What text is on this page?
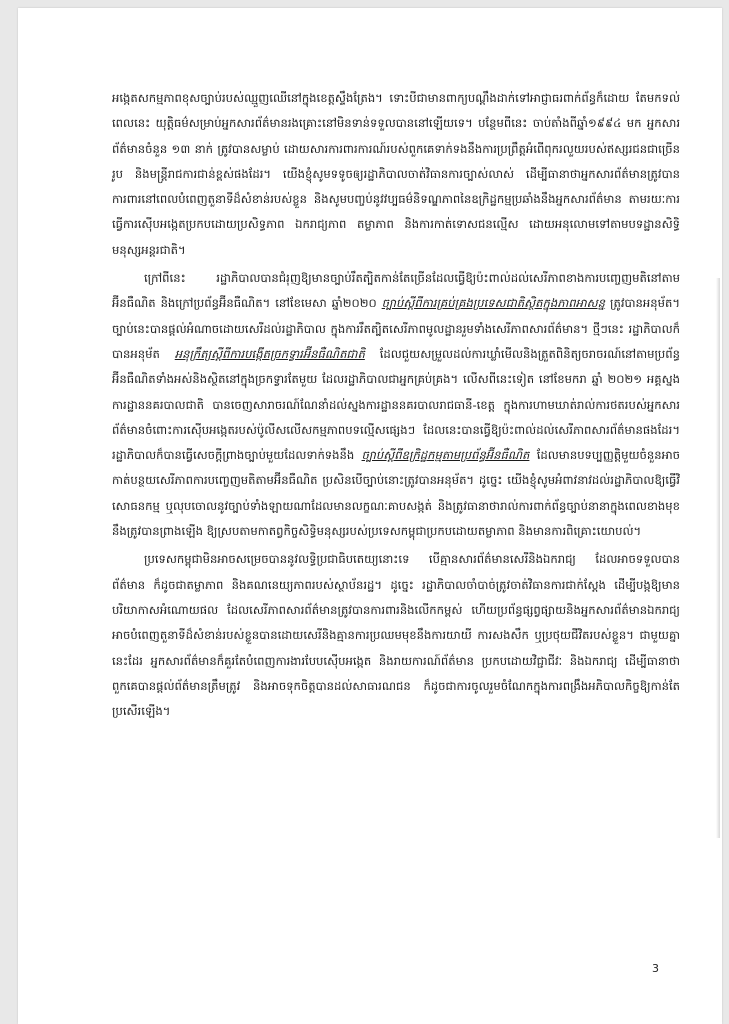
អង្កេតសកម្មភាពខុសច្បាប់របស់ឈ្មួញឈើនៅក្នុងខេត្តស្ទឹងត្រែង។ ទោះបីជាមានពាក្យបណ្ដឹងដាក់ទៅអាជ្ញាធរពាក់ព័ន្ធក៏ដោយ តែមកទល់ពេលនេះ យុត្តិធម៌សម្រាប់អ្នកសារព័ត៌មានរងគ្រោះនៅមិនទាន់ទទួលបាននៅឡើយទេ។ បន្ថែមពីនេះ ចាប់តាំងពីឆ្នាំ១៩៩៤ មក អ្នកសារព័ត៌មានចំនួន ១៣ នាក់ ត្រូវបានសម្លាប់ ដោយសារការពារការណ៍របស់ពួកគេទាក់ទងនឹងការប្រព្រឹត្តអំពើពុករលួយរបស់ឥស្សរជនជាច្រើនរូប និងមន្ត្រីរាជការជាន់ខ្ពស់ផងដែរ។ យើងខ្ញុំសូមទទូចឲ្យរដ្ឋាភិបាលចាត់វិធានការច្បាស់លាស់ ដើម្បីធានាថាអ្នកសារព័ត៌មានត្រូវបានការពារនៅពេលបំពេញតួនាទីដ៏សំខាន់របស់ខ្លួន និងសូមបញ្ចប់នូវវប្បធម៌និទណ្ឌភាពនៃឧក្រិដ្ឋកម្មប្រឆាំងនឹងអ្នកសារព័ត៌មាន តាមរយៈការធ្វើការស៊ើបអង្កេតប្រកបដោយប្រសិទ្ធភាព ឯករាជ្យភាព តម្លាភាព និងការកាត់ទោសជនល្មើស ដោយអនុលោមទៅតាមបទដ្ឋានសិទ្ធិមនុស្សអន្តរជាតិ។

ក្រៅពីនេះ រដ្ឋាភិបាលបានជំរុញឱ្យមានច្បាប់រឹតត្បិតកាន់តែច្រើនដែលធ្វើឱ្យប៉ះពាល់ដល់សេរីភាពខាងការបញ្ចេញមតិនៅតាមអ៊ីនធឺណិត និងក្រៅប្រព័ន្ធអ៊ីនធឺណិត។ នៅខែមេសា ឆ្នាំ២០២០ ច្បាប់ស្ដីពីការគ្រប់គ្រងប្រទេសជាតិស្ថិតក្នុងភាពអាសន្ន ត្រូវបានអនុម័ត។ ច្បាប់នេះបានផ្ដល់អំណាចដោយសេរីដល់រដ្ឋាភិបាល ក្នុងការរឹតត្បិតសេរីភាពមូលដ្ឋានរួមទាំងសេរីភាពសារព័ត៌មាន។ ថ្មីៗនេះ រដ្ឋាភិបាលក៏បានអនុម័ត អនុក្រឹត្យស្ដីពីការបង្កើតច្រកទ្វារអ៊ីនធឺណិតជាតិ ដែលជួយសម្រួលដល់ការឃ្លាំមើលនិងត្រួតពិនិត្យចរាចរណ៍នៅតាមប្រព័ន្ធអ៊ីនធឺណិតទាំងអស់និងស្ថិតនៅក្នុងច្រកទ្វារតែមួយ ដែលរដ្ឋាភិបាលជាអ្នកគ្រប់គ្រង។ លើសពីនេះទៀត នៅខែមករា ឆ្នាំ ២០២១ អគ្គស្នងការដ្ឋាននគរបាលជាតិ បានចេញសារាចរណ៍ណែនាំដល់ស្នងការដ្ឋាននគរបាលរាជធានី-ខេត្ត ក្នុងការហាមឃាត់រាល់ការថតរបស់អ្នកសារព័ត៌មានចំពោះការស៊ើបអង្កេតរបស់ប៉ូលីសលើសកម្មភាពបទល្មើសផ្សេងៗ ដែលនេះបានធ្វើឱ្យប៉ះពាល់ដល់សេរីភាពសារព័ត៌មានផងដែរ។ រដ្ឋាភិបាលក៏បានធ្វើសេចក្ដីព្រាងច្បាប់មួយដែលទាក់ទងនឹង ច្បាប់ស្ដីពីឧក្រិដ្ឋកម្មតាមប្រព័ន្ធអ៊ីនធឺណិត ដែលមានបទប្បញ្ញត្តិមួយចំនួនអាចកាត់បន្ថយសេរីភាពការបញ្ចេញមតិតាមអ៊ីនធឺណិត ប្រសិនបើច្បាប់នោះត្រូវបានអនុម័ត។ ដូច្នេះ យើងខ្ញុំសូមអំពាវនាវដល់រដ្ឋាភិបាលឱ្យធ្វើវិសោធនកម្ម ឬលុបចោលនូវច្បាប់ទាំងឡាយណាដែលមានលក្ខណៈគាបសង្កត់ និងត្រូវធានាថារាល់ការពាក់ព័ន្ធច្បាប់នានាក្នុងពេលខាងមុខនឹងត្រូវបានព្រាងឡើង ឱ្យស្របតាមកាតព្វកិច្ចសិទ្ធិមនុស្សរបស់ប្រទេសកម្ពុជាប្រកបដោយតម្លាភាព និងមានការពិគ្រោះយោបល់។

ប្រទេសកម្ពុជាមិនអាចសម្រេចបាននូវលទ្ធិប្រជាធិបតេយ្យនោះទេ បើគ្មានសារព័ត៌មានសេរីនិងឯករាជ្យ ដែលអាចទទួលបានព័ត៌មាន ក៏ដូចជាតម្លាភាព និងគណនេយ្យភាពរបស់ស្ថាប័នរដ្ឋ។ ដូច្នេះ រដ្ឋាភិបាលចាំបាច់ត្រូវចាត់វិធានការជាក់ស្ដែង ដើម្បីបង្កឱ្យមានបរិយាកាសអំណោយផល ដែលសេរីភាពសារព័ត៌មានត្រូវបានការពារនិងលើកកម្ពស់ ហើយប្រព័ន្ធផ្សព្វផ្សាយនិងអ្នកសារព័ត៌មានឯករាជ្យអាចបំពេញតួនាទីដ៏សំខាន់របស់ខ្លួនបានដោយសេរីនិងគ្មានការប្រឈមមុខនឹងការយាយី ការសងសឹក ឬប្រថុយជីវិតរបស់ខ្លួន។ ជាមួយគ្នានេះដែរ អ្នកសារព័ត៌មានក៏គួរតែបំពេញការងារបែបស៊ើបអង្កេត និងរាយការណ៍ព័ត៌មាន ប្រកបដោយវិជ្ជាជីវៈ និងឯករាជ្យ ដើម្បីធានាថាពួកគេបានផ្ដល់ព័ត៌មានត្រឹមត្រូវ និងអាចទុកចិត្តបានដល់សាធារណជន ក៏ដូចជាការចូលរួមចំណែកក្នុងការពង្រឹងអភិបាលកិច្ចឱ្យកាន់តែប្រសើរឡើង។

3
